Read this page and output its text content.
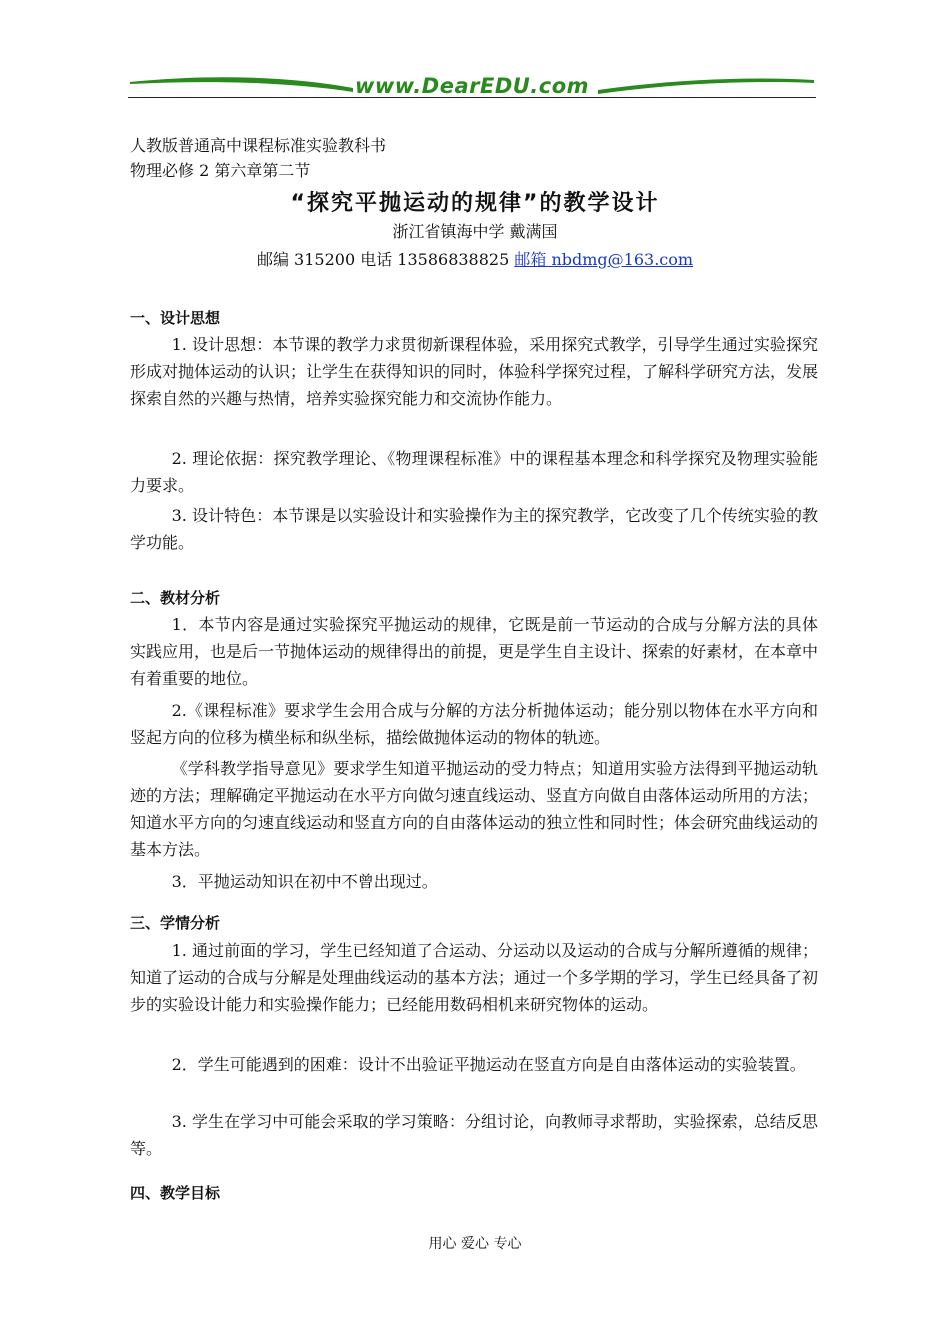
www.DearEDU.com
人教版普通高中课程标准实验教科书
物理必修 2 第六章第二节
“探究平抛运动的规律”的教学设计
浙江省镇海中学 戴满国
邮编 315200 电话 13586838825 邮箱 nbdmg@163.com
一、设计思想
1. 设计思想：本节课的教学力求贯彻新课程体验，采用探究式教学，引导学生通过实验探究形成对抛体运动的认识；让学生在获得知识的同时，体验科学探究过程，了解科学研究方法，发展探索自然的兴趣与热情，培养实验探究能力和交流协作能力。
2. 理论依据：探究教学理论、《物理课程标准》中的课程基本理念和科学探究及物理实验能力要求。
3. 设计特色：本节课是以实验设计和实验操作为主的探究教学，它改变了几个传统实验的教学功能。
二、教材分析
1．本节内容是通过实验探究平抛运动的规律，它既是前一节运动的合成与分解方法的具体实践应用，也是后一节抛体运动的规律得出的前提，更是学生自主设计、探索的好素材，在本章中有着重要的地位。
2.《课程标准》要求学生会用合成与分解的方法分析抛体运动；能分别以物体在水平方向和竖起方向的位移为横坐标和纵坐标，描绘做抛体运动的物体的轨迹。
《学科教学指导意见》要求学生知道平抛运动的受力特点；知道用实验方法得到平抛运动轨迹的方法；理解确定平抛运动在水平方向做匀速直线运动、竖直方向做自由落体运动所用的方法；知道水平方向的匀速直线运动和竖直方向的自由落体运动的独立性和同时性；体会研究曲线运动的基本方法。
3．平抛运动知识在初中不曾出现过。
三、学情分析
1. 通过前面的学习，学生已经知道了合运动、分运动以及运动的合成与分解所遵循的规律；知道了运动的合成与分解是处理曲线运动的基本方法；通过一个多学期的学习，学生已经具备了初步的实验设计能力和实验操作能力；已经能用数码相机来研究物体的运动。
2．学生可能遇到的困难：设计不出验证平抛运动在竖直方向是自由落体运动的实验装置。
3. 学生在学习中可能会采取的学习策略：分组讨论，向教师寻求帮助，实验探索，总结反思等。
四、教学目标
用心 爱心 专心
